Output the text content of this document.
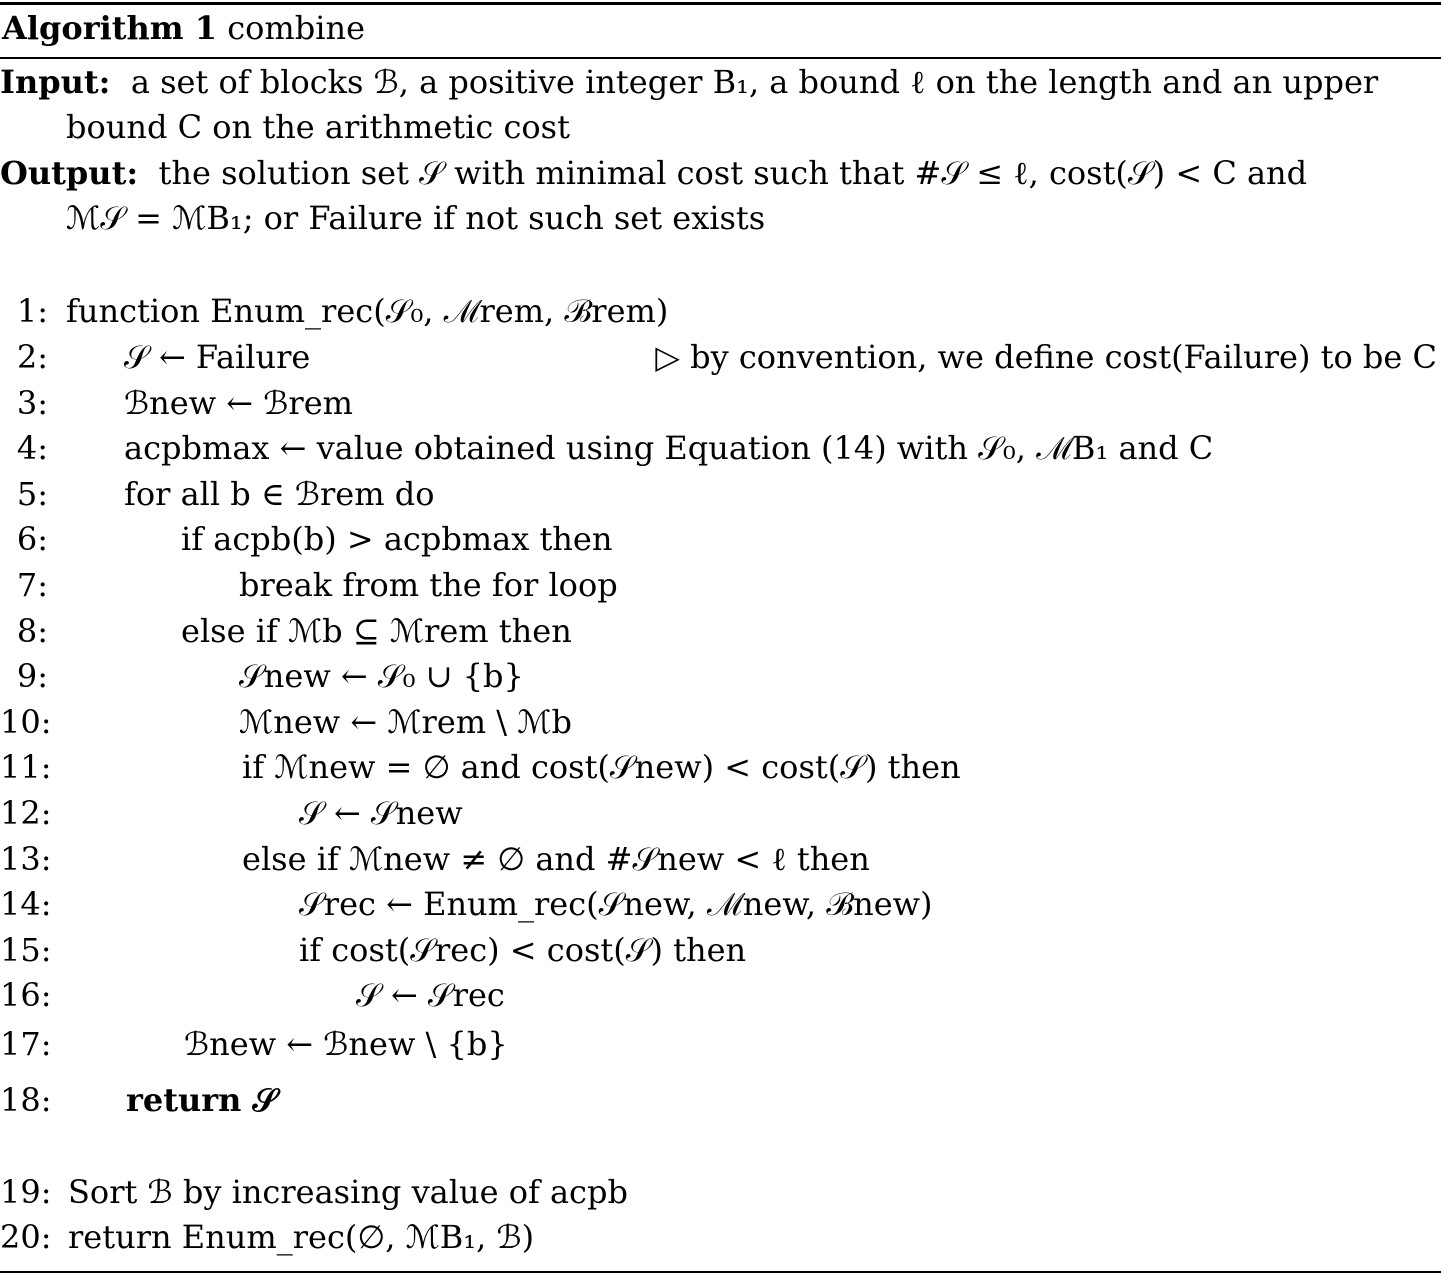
Algorithm 1 combine
Input: a set of blocks ℬ, a positive integer B₁, a bound ℓ on the length and an upper
bound C on the arithmetic cost
Output: the solution set 𝒮 with minimal cost such that #𝒮 ≤ ℓ, cost(𝒮) < C and
ℳ𝒮 = ℳB₁; or Failure if not such set exists
1: function Enum_rec(𝒮₀, ℳrem, ℬrem)
2: 𝒮 ← Failure	▷ by convention, we define cost(Failure) to be C
3: ℬnew ← ℬrem
4: acpbmax ← value obtained using Equation (14) with 𝒮₀, ℳB₁ and C
5: for all b ∈ ℬrem do
6:	if acpb(b) > acpbmax then
7:	break from the for loop
8:	else if ℳb ⊆ ℳrem then
9:	𝒮new ← 𝒮₀ ∪ {b}
10:	ℳnew ← ℳrem \ ℳb
11:	if ℳnew = ∅ and cost(𝒮new) < cost(𝒮) then
12:	𝒮 ← 𝒮new
13:	else if ℳnew ≠ ∅ and #𝒮new < ℓ then
14:	𝒮rec ← Enum_rec(𝒮new, ℳnew, ℬnew)
15:	if cost(𝒮rec) < cost(𝒮) then
16:	𝒮 ← 𝒮rec
17:	ℬnew ← ℬnew \ {b}
18: return 𝒮
19: Sort ℬ by increasing value of acpb
20: return Enum_rec(∅, ℳB₁, ℬ)
